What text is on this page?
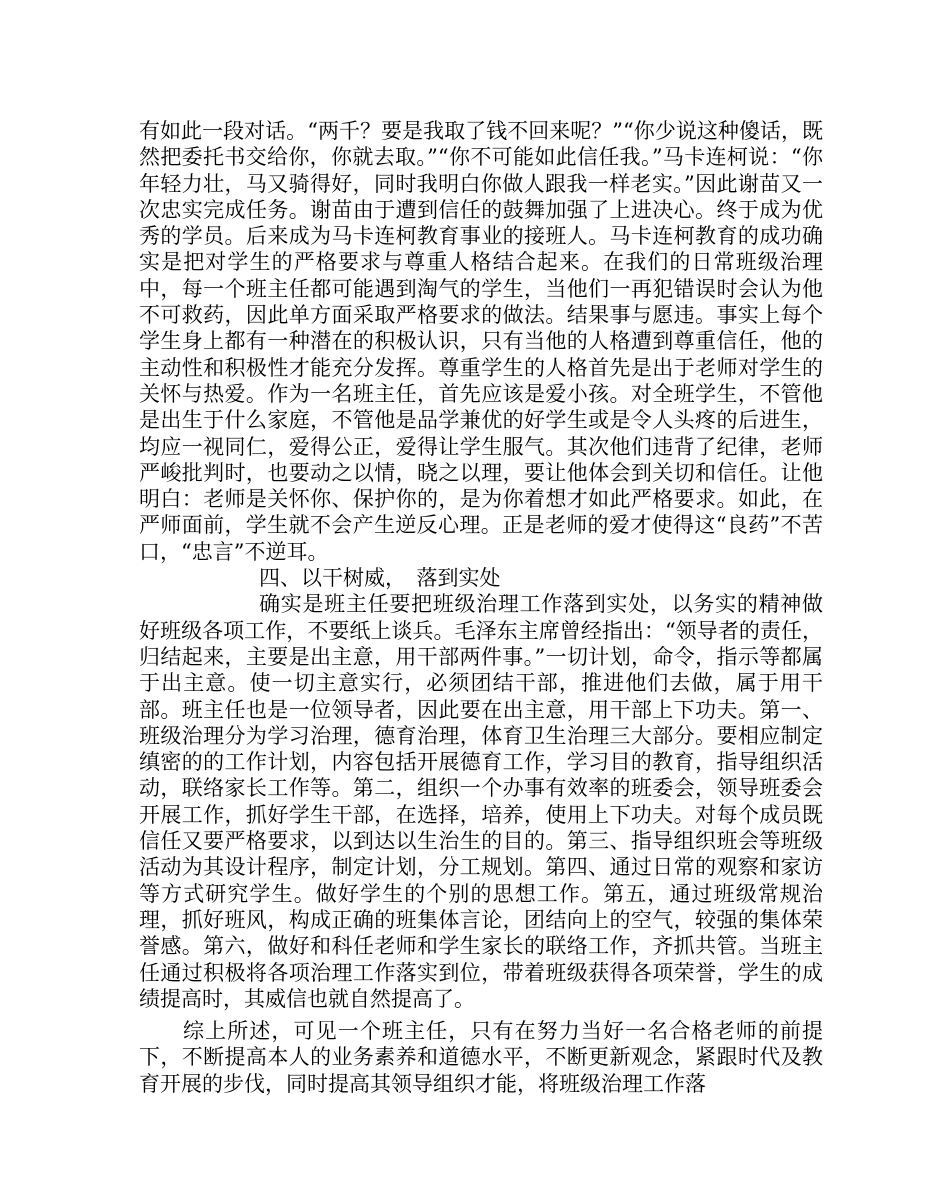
有如此一段对话。“两千？要是我取了钱不回来呢？”“你少说这种傻话，既然把委托书交给你，你就去取。”“你不可能如此信任我。”马卡连柯说：“你年轻力壮，马又骑得好，同时我明白你做人跟我一样老实。”因此谢苗又一次忠实完成任务。谢苗由于遭到信任的鼓舞加强了上进决心。终于成为优秀的学员。后来成为马卡连柯教育事业的接班人。马卡连柯教育的成功确实是把对学生的严格要求与尊重人格结合起来。在我们的日常班级治理中，每一个班主任都可能遇到淘气的学生，当他们一再犯错误时会认为他不可救药，因此单方面采取严格要求的做法。结果事与愿违。事实上每个学生身上都有一种潜在的积极认识，只有当他的人格遭到尊重信任，他的主动性和积极性才能充分发挥。尊重学生的人格首先是出于老师对学生的关怀与热爱。作为一名班主任，首先应该是爱小孩。对全班学生，不管他是出生于什么家庭，不管他是品学兼优的好学生或是令人头疼的后进生，均应一视同仁，爱得公正，爱得让学生服气。其次他们违背了纪律，老师严峻批判时，也要动之以情，晓之以理，要让他体会到关切和信任。让他明白：老师是关怀你、保护你的，是为你着想才如此严格要求。如此，在严师面前，学生就不会产生逆反心理。正是老师的爱才使得这“良药”不苦口，“忠言”不逆耳。

四、以干树威，　落到实处

确实是班主任要把班级治理工作落到实处，以务实的精神做好班级各项工作，不要纸上谈兵。毛泽东主席曾经指出：“领导者的责任，归结起来，主要是出主意，用干部两件事。”一切计划，命令，指示等都属于出主意。使一切主意实行，必须团结干部，推进他们去做，属于用干部。班主任也是一位领导者，因此要在出主意，用干部上下功夫。第一、班级治理分为学习治理，德育治理，体育卫生治理三大部分。要相应制定缜密的的工作计划，内容包括开展德育工作，学习目的教育，指导组织活动，联络家长工作等。第二，组织一个办事有效率的班委会，领导班委会开展工作，抓好学生干部，在选择，培养，使用上下功夫。对每个成员既信任又要严格要求，以到达以生治生的目的。第三、指导组织班会等班级活动为其设计程序，制定计划，分工规划。第四、通过日常的观察和家访等方式研究学生。做好学生的个别的思想工作。第五，通过班级常规治理，抓好班风，构成正确的班集体言论，团结向上的空气，较强的集体荣誉感。第六，做好和科任老师和学生家长的联络工作，齐抓共管。当班主任通过积极将各项治理工作落实到位，带着班级获得各项荣誉，学生的成绩提高时，其威信也就自然提高了。

综上所述，可见一个班主任，只有在努力当好一名合格老师的前提下，不断提高本人的业务素养和道德水平，不断更新观念，紧跟时代及教育开展的步伐，同时提高其领导组织才能，将班级治理工作落
